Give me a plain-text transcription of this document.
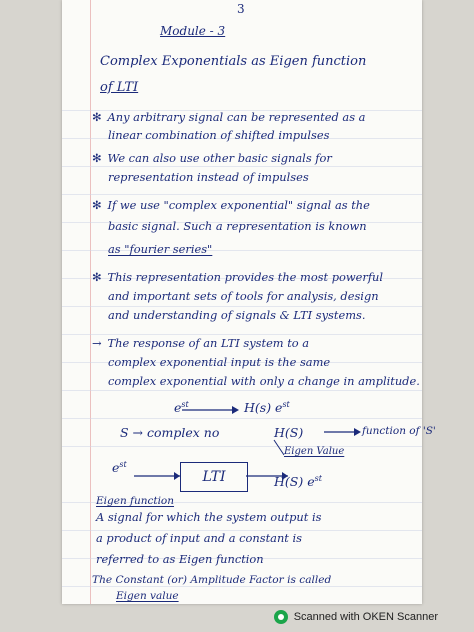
3
Module - 3
Complex Exponentials as Eigen function
of LTI
✻ Any arbitrary signal can be represented as a
linear combination of shifted impulses
✻ We can also use other basic signals for
representation instead of impulses
✻ If we use "complex exponential" signal as the
basic signal. Such a representation is known
as "fourier series"
✻ This representation provides the most powerful
and important sets of tools for analysis, design
and understanding of signals & LTI systems.
→ The response of an LTI system to a
complex exponential input is the same
complex exponential with only a change in amplitude.
$e^{st}$	H(s) $e^{st}$
S → complex no	H(S)	function of 'S'
Eigen Value
$e^{st}$
LTI	H(S) $e^{st}$
Eigen function
A signal for which the system output is
a product of input and a constant is
referred to as Eigen function
The Constant (or) Amplitude Factor is called
Eigen value
Scanned with OKEN Scanner
